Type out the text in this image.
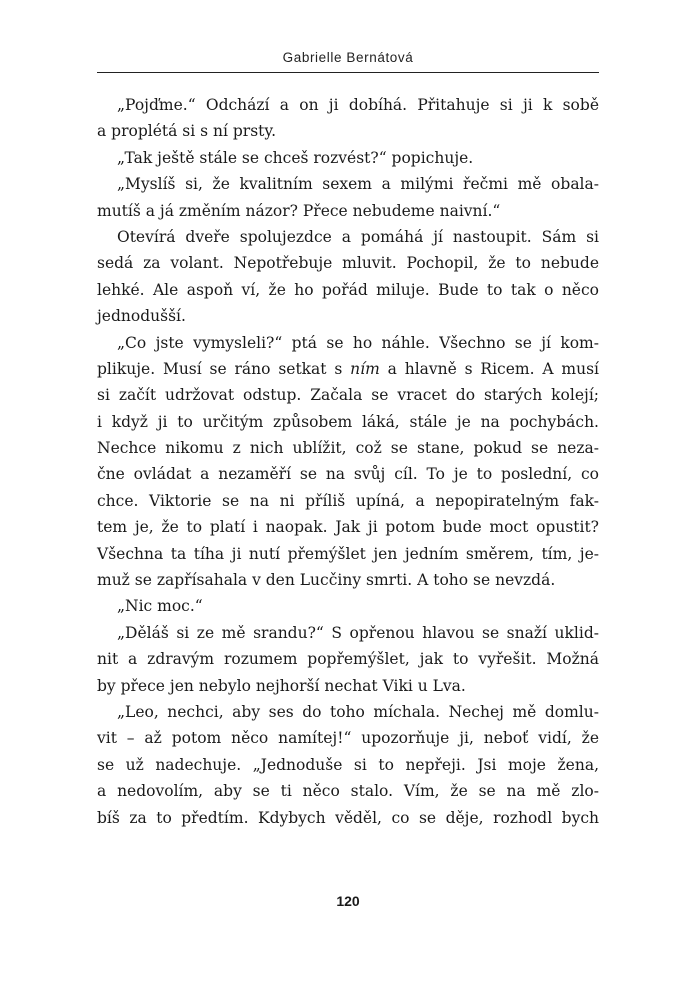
Gabrielle Bernátová
„Pojďme.“ Odchází a on ji dobíhá. Přitahuje si ji k sobě
a proplétá si s ní prsty.
„Tak ještě stále se chceš rozvést?“ popichuje.
„Myslíš si, že kvalitním sexem a milými řečmi mě obala-
mutíš a já změním názor? Přece nebudeme naivní.“
Otevírá dveře spolujezdce a pomáhá jí nastoupit. Sám si
sedá za volant. Nepotřebuje mluvit. Pochopil, že to nebude
lehké. Ale aspoň ví, že ho pořád miluje. Bude to tak o něco
jednodušší.
„Co jste vymysleli?“ ptá se ho náhle. Všechno se jí kom-
plikuje. Musí se ráno setkat s ním a hlavně s Ricem. A musí
si začít udržovat odstup. Začala se vracet do starých kolejí;
i když ji to určitým způsobem láká, stále je na pochybách.
Nechce nikomu z nich ublížit, což se stane, pokud se neza-
čne ovládat a nezaměří se na svůj cíl. To je to poslední, co
chce. Viktorie se na ni příliš upíná, a nepopiratelným fak-
tem je, že to platí i naopak. Jak ji potom bude moct opustit?
Všechna ta tíha ji nutí přemýšlet jen jedním směrem, tím, je-
muž se zapřísahala v den Lucčiny smrti. A toho se nevzdá.
„Nic moc.“
„Děláš si ze mě srandu?“ S opřenou hlavou se snaží uklid-
nit a zdravým rozumem popřemýšlet, jak to vyřešit. Možná
by přece jen nebylo nejhorší nechat Viki u Lva.
„Leo, nechci, aby ses do toho míchala. Nechej mě domlu-
vit – až potom něco namítej!“ upozorňuje ji, neboť vidí, že
se už nadechuje. „Jednoduše si to nepřeji. Jsi moje žena,
a nedovolím, aby se ti něco stalo. Vím, že se na mě zlo-
bíš za to předtím. Kdybych věděl, co se děje, rozhodl bych
120
